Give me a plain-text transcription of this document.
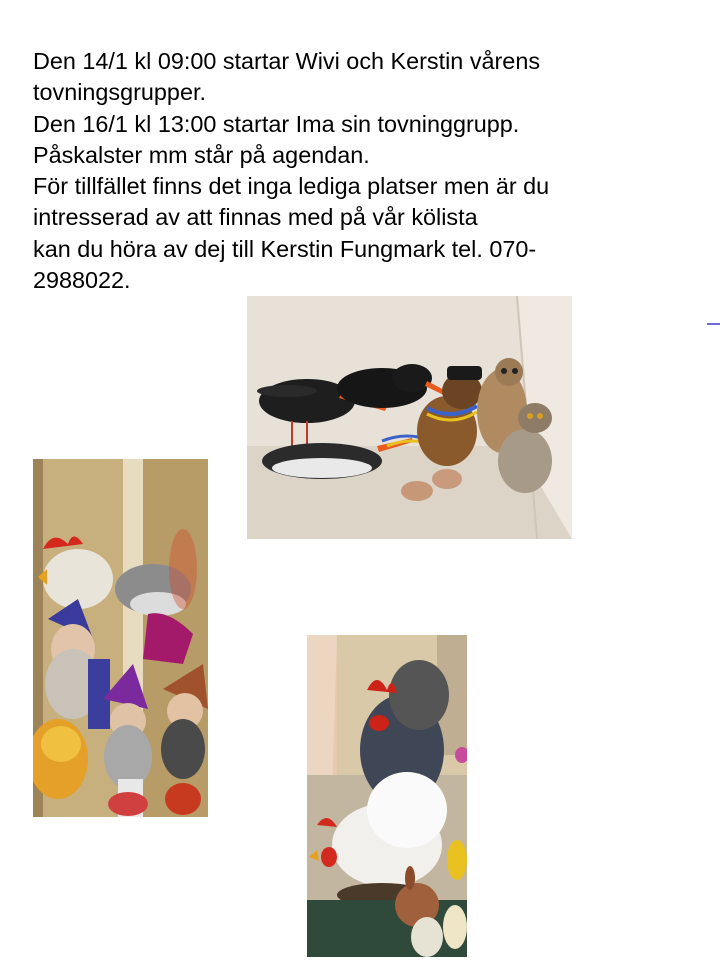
Den 14/1 kl 09:00 startar Wivi och Kerstin vårens
tovningsgrupper.
Den 16/1 kl 13:00 startar Ima sin tovninggrupp.
Påskalster mm står på agendan.
För tillfället finns det inga lediga platser men är du
intresserad av att finnas med på vår kölista
kan du höra av dej till Kerstin Fungmark tel. 070-
2988022.
